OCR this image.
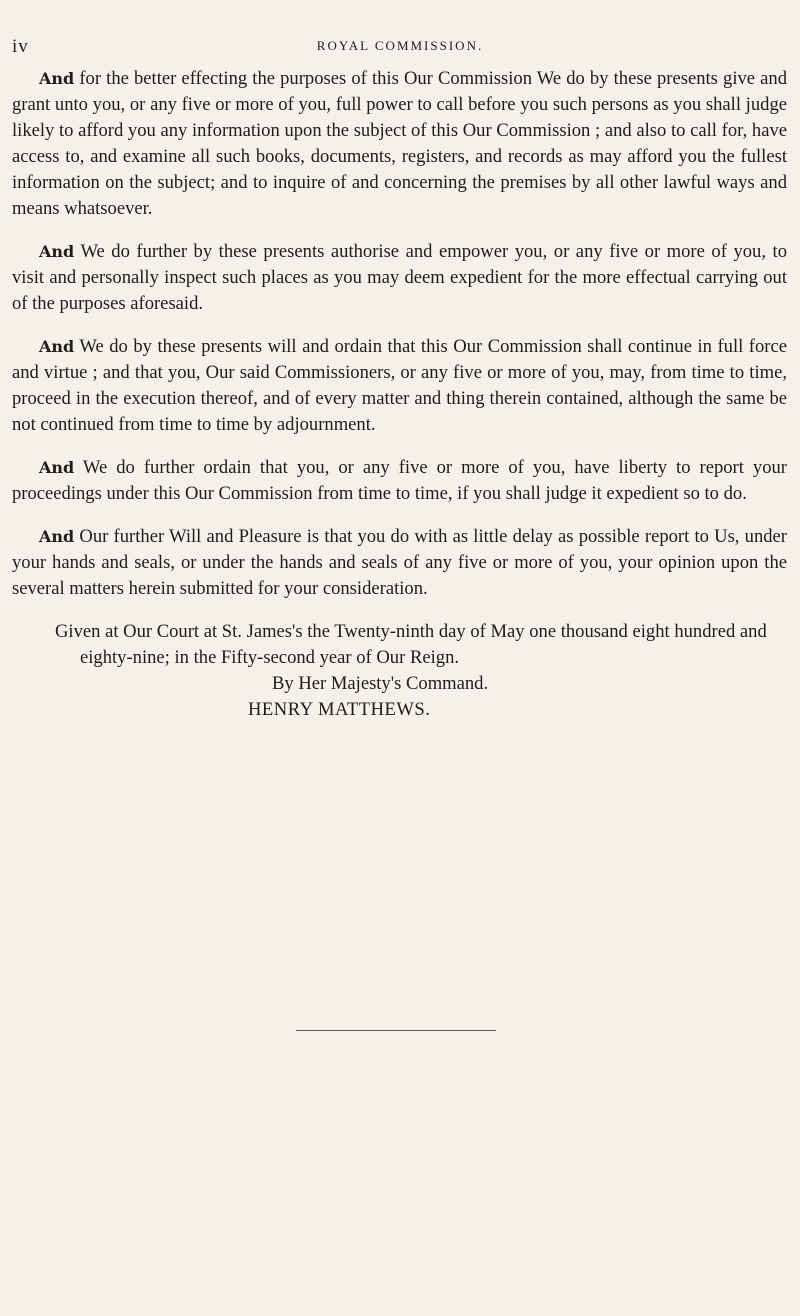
iv	ROYAL COMMISSION.

And for the better effecting the purposes of this Our Commission We do by these presents give and grant unto you, or any five or more of you, full power to call before you such persons as you shall judge likely to afford you any information upon the subject of this Our Commission ; and also to call for, have access to, and examine all such books, documents, registers, and records as may afford you the fullest information on the subject; and to inquire of and concerning the premises by all other lawful ways and means whatsoever.

And We do further by these presents authorise and empower you, or any five or more of you, to visit and personally inspect such places as you may deem expedient for the more effectual carrying out of the purposes aforesaid.

And We do by these presents will and ordain that this Our Commission shall continue in full force and virtue ; and that you, Our said Commissioners, or any five or more of you, may, from time to time, proceed in the execution thereof, and of every matter and thing therein contained, although the same be not continued from time to time by adjournment.

And We do further ordain that you, or any five or more of you, have liberty to report your proceedings under this Our Commission from time to time, if you shall judge it expedient so to do.

And Our further Will and Pleasure is that you do with as little delay as possible report to Us, under your hands and seals, or under the hands and seals of any five or more of you, your opinion upon the several matters herein submitted for your consideration.

Given at Our Court at St. James's the Twenty-ninth day of May one thousand eight hundred and eighty-nine; in the Fifty-second year of Our Reign.

By Her Majesty's Command.

HENRY MATTHEWS.
